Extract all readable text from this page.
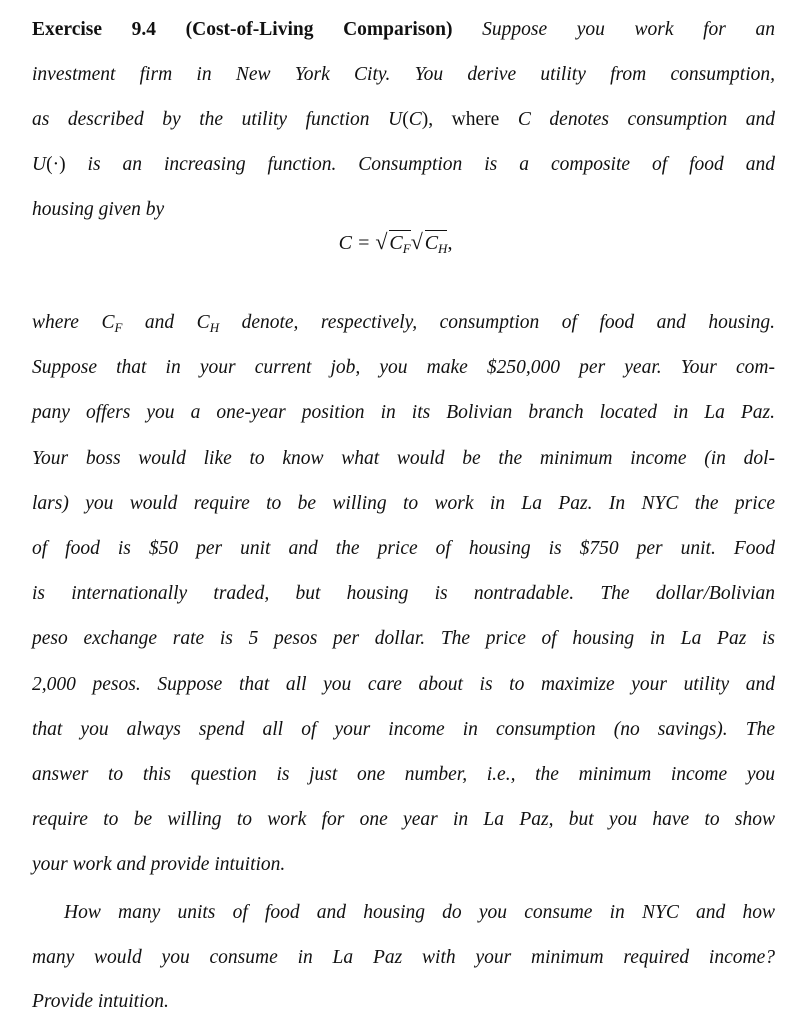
Exercise 9.4 (Cost-of-Living Comparison) Suppose you work for an
investment firm in New York City. You derive utility from consumption,
as described by the utility function U(C), where C denotes consumption and
U(·) is an increasing function. Consumption is a composite of food and
housing given by
where $C_F$ and $C_H$ denote, respectively, consumption of food and housing.
Suppose that in your current job, you make $250,000 per year. Your com-
pany offers you a one-year position in its Bolivian branch located in La Paz.
Your boss would like to know what would be the minimum income (in dol-
lars) you would require to be willing to work in La Paz. In NYC the price
of food is $50 per unit and the price of housing is $750 per unit. Food
is internationally traded, but housing is nontradable. The dollar/Bolivian
peso exchange rate is 5 pesos per dollar. The price of housing in La Paz is
2,000 pesos. Suppose that all you care about is to maximize your utility and
that you always spend all of your income in consumption (no savings). The
answer to this question is just one number, i.e., the minimum income you
require to be willing to work for one year in La Paz, but you have to show
your work and provide intuition.
How many units of food and housing do you consume in NYC and how
many would you consume in La Paz with your minimum required income?
Provide intuition.
C = √ $C_F$ √ $C_H$,
